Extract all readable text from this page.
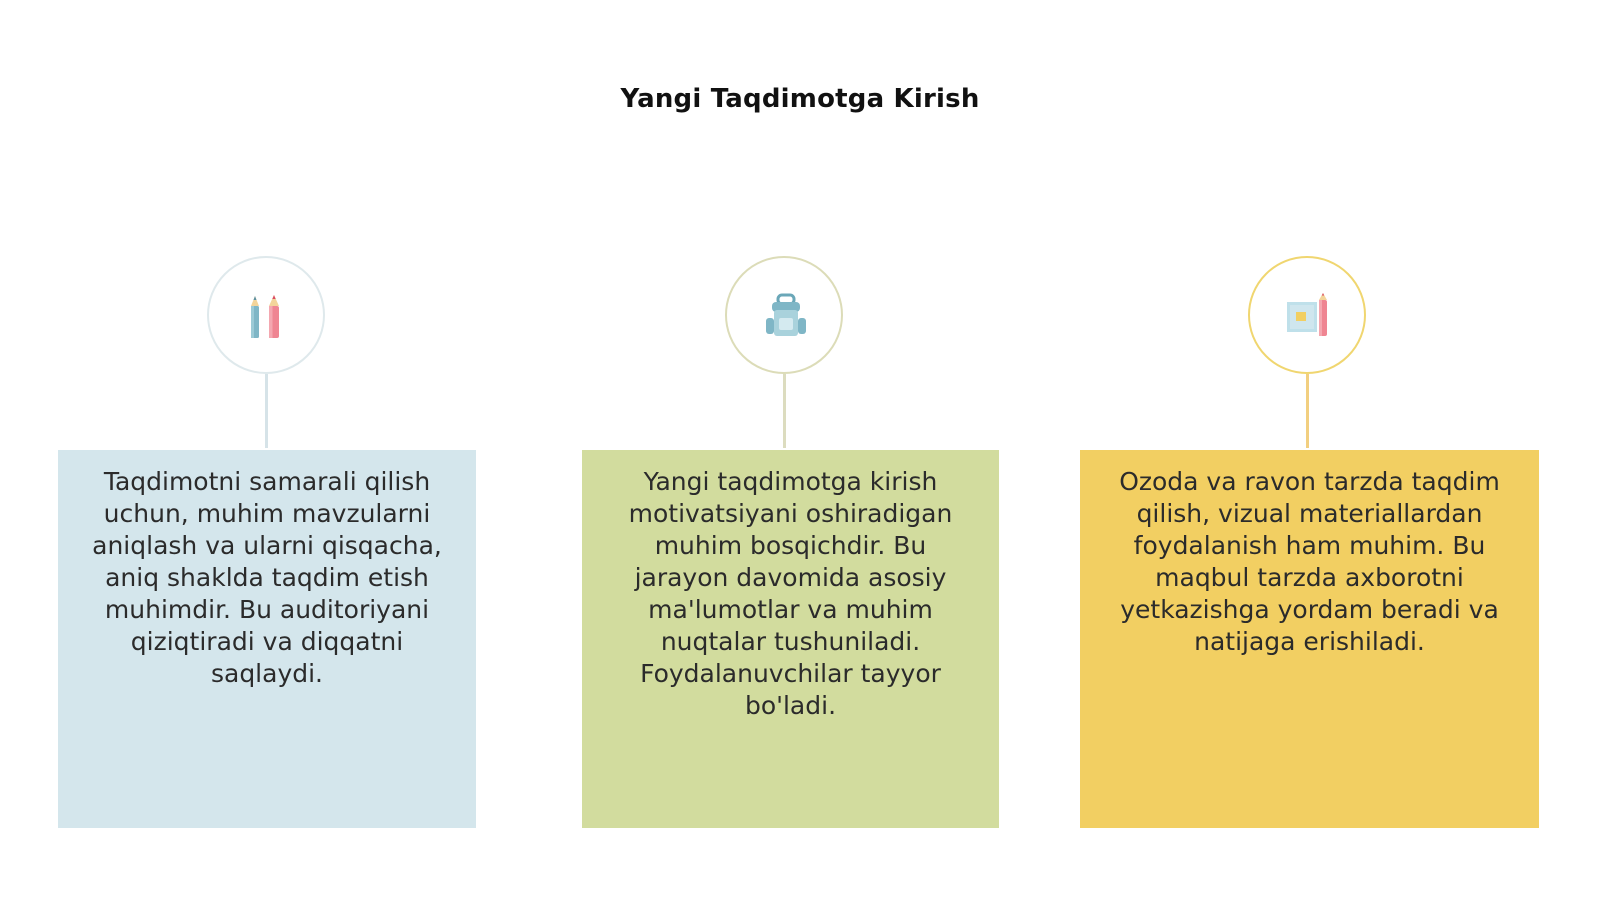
Yangi Taqdimotga Kirish
Taqdimotni samarali qilish uchun, muhim mavzularni aniqlash va ularni qisqacha, aniq shaklda taqdim etish muhimdir. Bu auditoriyani qiziqtiradi va diqqatni saqlaydi.
Yangi taqdimotga kirish motivatsiyani oshiradigan muhim bosqichdir. Bu jarayon davomida asosiy ma'lumotlar va muhim nuqtalar tushuniladi. Foydalanuvchilar tayyor bo'ladi.
Ozoda va ravon tarzda taqdim qilish, vizual materiallardan foydalanish ham muhim. Bu maqbul tarzda axborotni yetkazishga yordam beradi va natijaga erishiladi.
